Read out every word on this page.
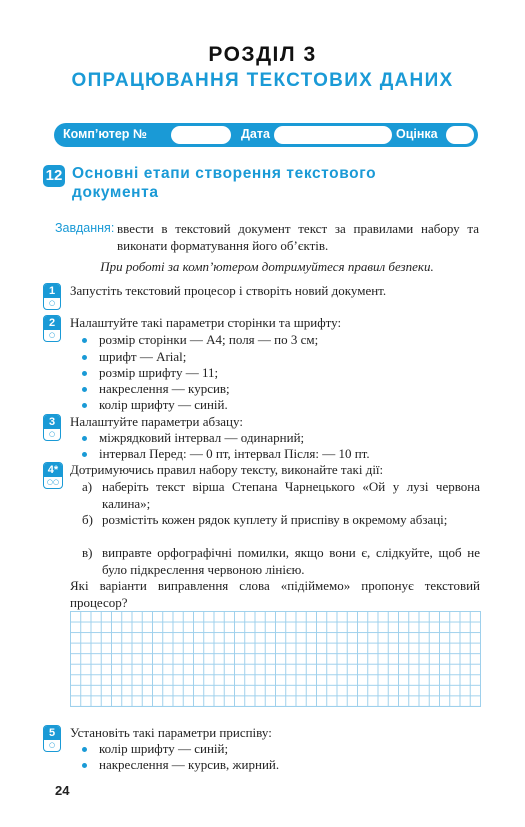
РОЗДІЛ 3
ОПРАЦЮВАННЯ ТЕКСТОВИХ ДАНИХ
Комп’ютер №	Дата	Оцінка
12 Основні етапи створення текстового документа
Завдання: ввести в текстовий документ текст за правилами набору та виконати форматування його об’єктів.
При роботі за комп’ютером дотримуйтеся правил безпеки.
1
○
Запустіть текстовий процесор і створіть новий документ.
2
○
Налаштуйте такі параметри сторінки та шрифту:
розмір сторінки — А4; поля — по 3 см;
шрифт — Arial;
розмір шрифту — 11;
накреслення — курсив;
колір шрифту — синій.
3
○
Налаштуйте параметри абзацу:
міжрядковий інтервал — одинарний;
інтервал Перед: — 0 пт, інтервал Після: — 10 пт.
4*
○○
Дотримуючись правил набору тексту, виконайте такі дії:
а) наберіть текст вірша Степана Чарнецького «Ой у лузі червона калина»;
б) розмістіть кожен рядок куплету й приспіву в окремому абзаці;
в) виправте орфографічні помилки, якщо вони є, слідкуйте, щоб не було підкреслення червоною лінією.
Які варіанти виправлення слова «підіймемо» пропонує текстовий процесор?
5
○
Установіть такі параметри приспіву:
колір шрифту — синій;
накреслення — курсив, жирний.
24
